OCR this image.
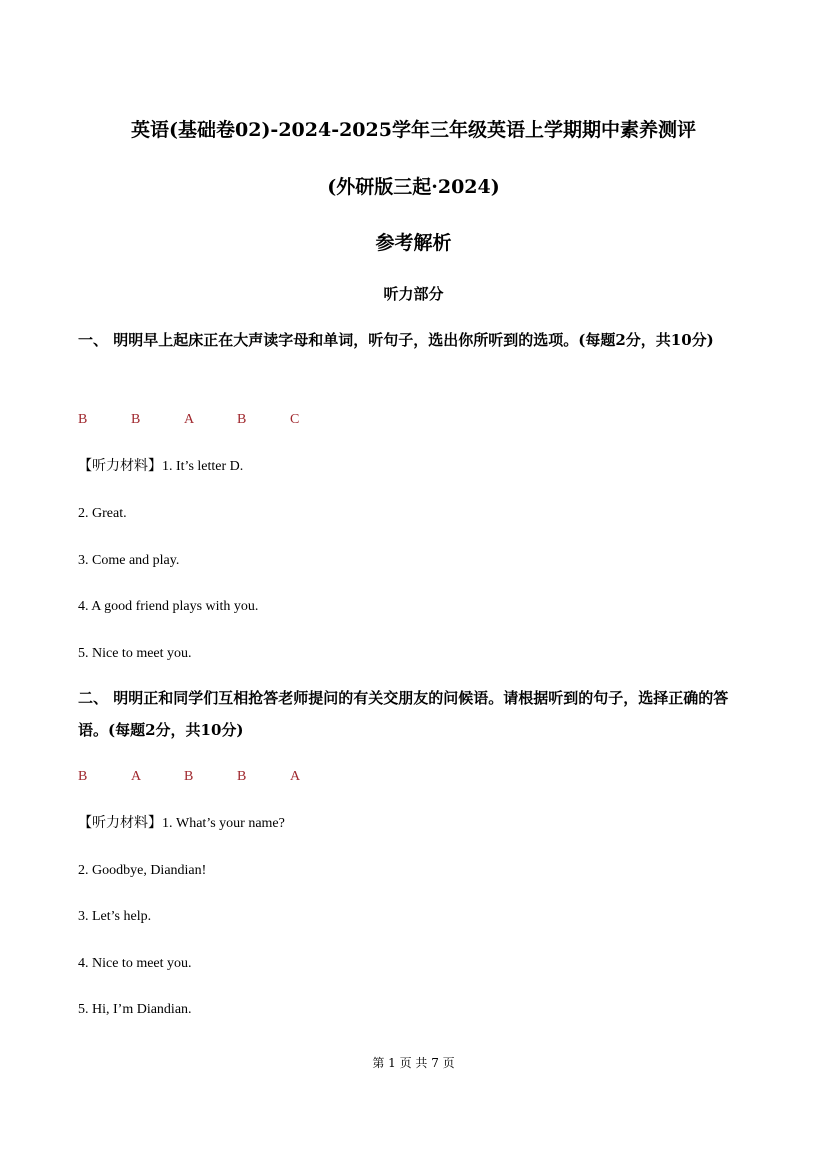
英语(基础卷02)-2024-2025学年三年级英语上学期期中素养测评
(外研版三起·2024)
参考解析
听力部分
一、 明明早上起床正在大声读字母和单词，听句子，选出你所听到的选项。(每题2分，共10分)
B	B	A	B	C
【听力材料】1. It’s letter D.
2. Great.
3. Come and play.
4. A good friend plays with you.
5. Nice to meet you.
二、 明明正和同学们互相抢答老师提问的有关交朋友的问候语。请根据听到的句子，选择正确的答语。(每题2分，共10分)
B	A	B	B	A
【听力材料】1. What’s your name?
2. Goodbye, Diandian!
3. Let’s help.
4. Nice to meet you.
5. Hi, I’m Diandian.
第 1 页 共 7 页
